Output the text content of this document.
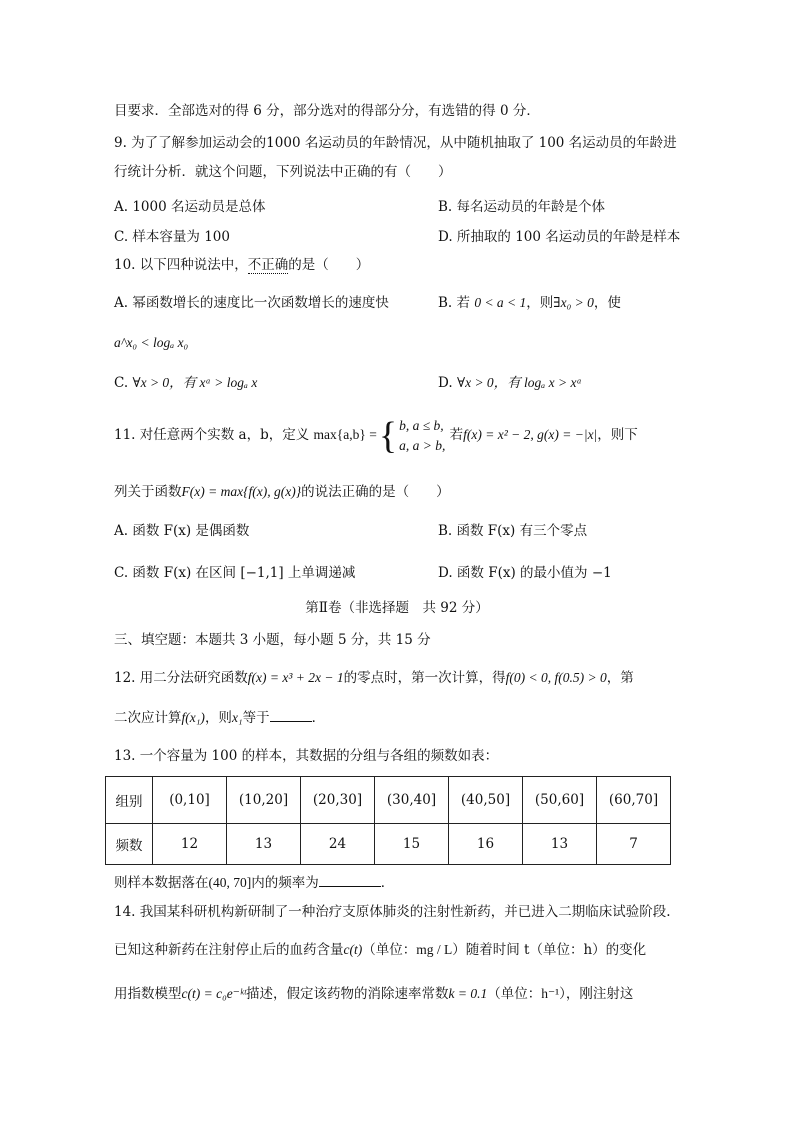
目要求．全部选对的得 6 分，部分选对的得部分分，有选错的得 0 分．
9. 为了了解参加运动会的1000 名运动员的年龄情况，从中随机抽取了 100 名运动员的年龄进
行统计分析．就这个问题，下列说法中正确的有（　　）
A. 1000 名运动员是总体	B. 每名运动员的年龄是个体
C. 样本容量为 100	D. 所抽取的 100 名运动员的年龄是样本
10. 以下四种说法中，不正确的是（　　）
A. 幂函数增长的速度比一次函数增长的速度快	B. 若 0 < a < 1，则∃x₀ > 0，使
a^x₀ < logₐ x₀
C. ∀x > 0，有 xᵃ > logₐ x	D. ∀x > 0，有 logₐ x > xᵃ
11. 对任意两个实数 a，b，定义 max{a,b} ={ b, a ≤ b,
a, a > b, 若f(x) = x² − 2, g(x) = −|x|，则下
列关于函数F(x) = max{f(x), g(x)}的说法正确的是（　　）
A. 函数 F(x) 是偶函数	B. 函数 F(x) 有三个零点
C. 函数 F(x) 在区间 [−1,1] 上单调递减	D. 函数 F(x) 的最小值为 −1
第Ⅱ卷（非选择题　共 92 分）
三、填空题：本题共 3 小题，每小题 5 分，共 15 分
12. 用二分法研究函数f(x) = x³ + 2x − 1的零点时，第一次计算，得f(0) < 0, f(0.5) > 0，第
二次应计算f(x₁)，则x₁等于	．
13. 一个容量为 100 的样本，其数据的分组与各组的频数如表：
组别	(0,10]	(10,20]	(20,30]	(30,40]	(40,50]	(50,60]	(60,70]
频数	12	13	24	15	16	13	7
则样本数据落在(40, 70]内的频率为	．
14. 我国某科研机构新研制了一种治疗支原体肺炎的注射性新药，并已进入二期临床试验阶段.
已知这种新药在注射停止后的血药含量c(t)（单位：mg / L）随着时间 t（单位：h）的变化
用指数模型c(t) = c₀e⁻ᵏᵗ描述，假定该药物的消除速率常数k = 0.1（单位：h⁻¹），刚注射这
